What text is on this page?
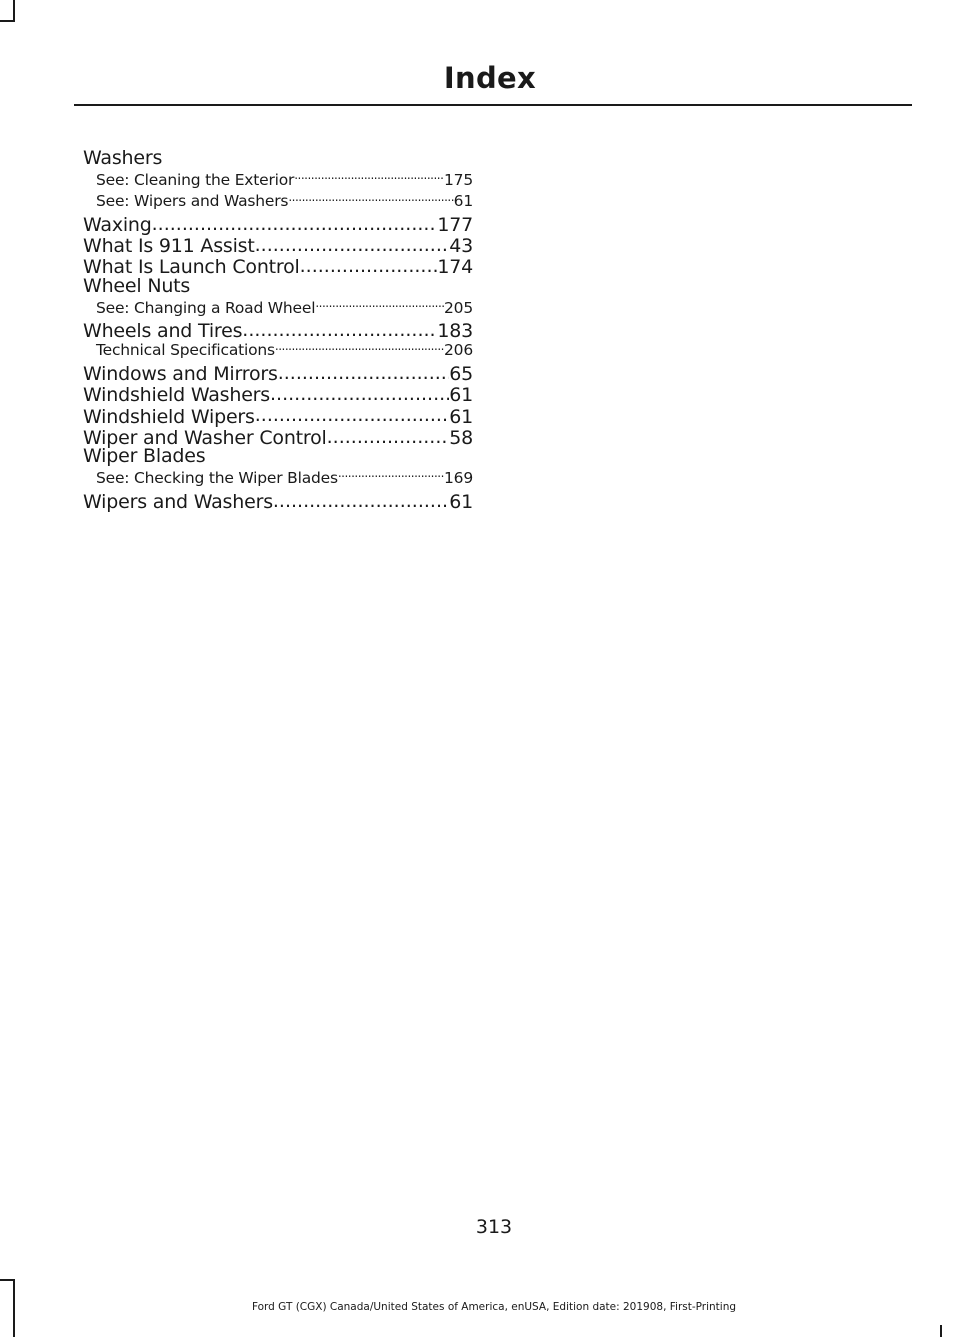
Index
Washers
See: Cleaning the Exterior .....	175
See: Wipers and Washers .....	61
Waxing .....	177
What Is 911 Assist .....	43
What Is Launch Control .....	174
Wheel Nuts
See: Changing a Road Wheel .....	205
Wheels and Tires .....	183
Technical Specifications .....	206
Windows and Mirrors .....	65
Windshield Washers .....	61
Windshield Wipers .....	61
Wiper and Washer Control .....	58
Wiper Blades
See: Checking the Wiper Blades .....	169
Wipers and Washers .....	61
313
Ford GT (CGX) Canada/United States of America, enUSA, Edition date: 201908, First-Printing
